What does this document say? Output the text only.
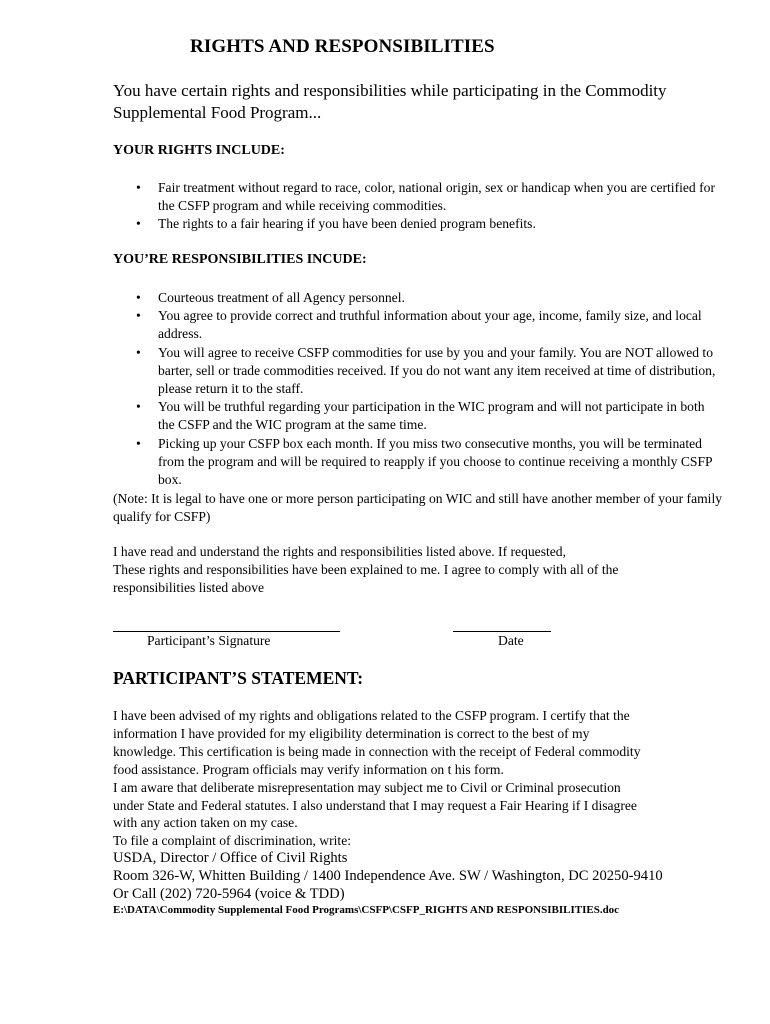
RIGHTS AND RESPONSIBILITIES
You have certain rights and responsibilities while participating in the Commodity Supplemental Food Program...
YOUR RIGHTS INCLUDE:
• Fair treatment without regard to race, color, national origin, sex or handicap when you are certified for the CSFP program and while receiving commodities.
• The rights to a fair hearing if you have been denied program benefits.
YOU’RE RESPONSIBILITIES INCUDE:
• Courteous treatment of all Agency personnel.
• You agree to provide correct and truthful information about your age, income, family size, and local address.
• You will agree to receive CSFP commodities for use by you and your family. You are NOT allowed to barter, sell or trade commodities received. If you do not want any item received at time of distribution, please return it to the staff.
• You will be truthful regarding your participation in the WIC program and will not participate in both the CSFP and the WIC program at the same time.
• Picking up your CSFP box each month. If you miss two consecutive months, you will be terminated from the program and will be required to reapply if you choose to continue receiving a monthly CSFP box.
(Note: It is legal to have one or more person participating on WIC and still have another member of your family qualify for CSFP)
I have read and understand the rights and responsibilities listed above. If requested,
These rights and responsibilities have been explained to me. I agree to comply with all of the
responsibilities listed above
Participant’s Signature	Date
PARTICIPANT’S STATEMENT:
I have been advised of my rights and obligations related to the CSFP program. I certify that the
information I have provided for my eligibility determination is correct to the best of my
knowledge. This certification is being made in connection with the receipt of Federal commodity
food assistance. Program officials may verify information on t his form.
I am aware that deliberate misrepresentation may subject me to Civil or Criminal prosecution
under State and Federal statutes. I also understand that I may request a Fair Hearing if I disagree
with any action taken on my case.
To file a complaint of discrimination, write:
USDA, Director / Office of Civil Rights
Room 326-W, Whitten Building / 1400 Independence Ave. SW / Washington, DC 20250-9410
Or Call (202) 720-5964 (voice & TDD)
E:\DATA\Commodity Supplemental Food Programs\CSFP\CSFP_RIGHTS AND RESPONSIBILITIES.doc
